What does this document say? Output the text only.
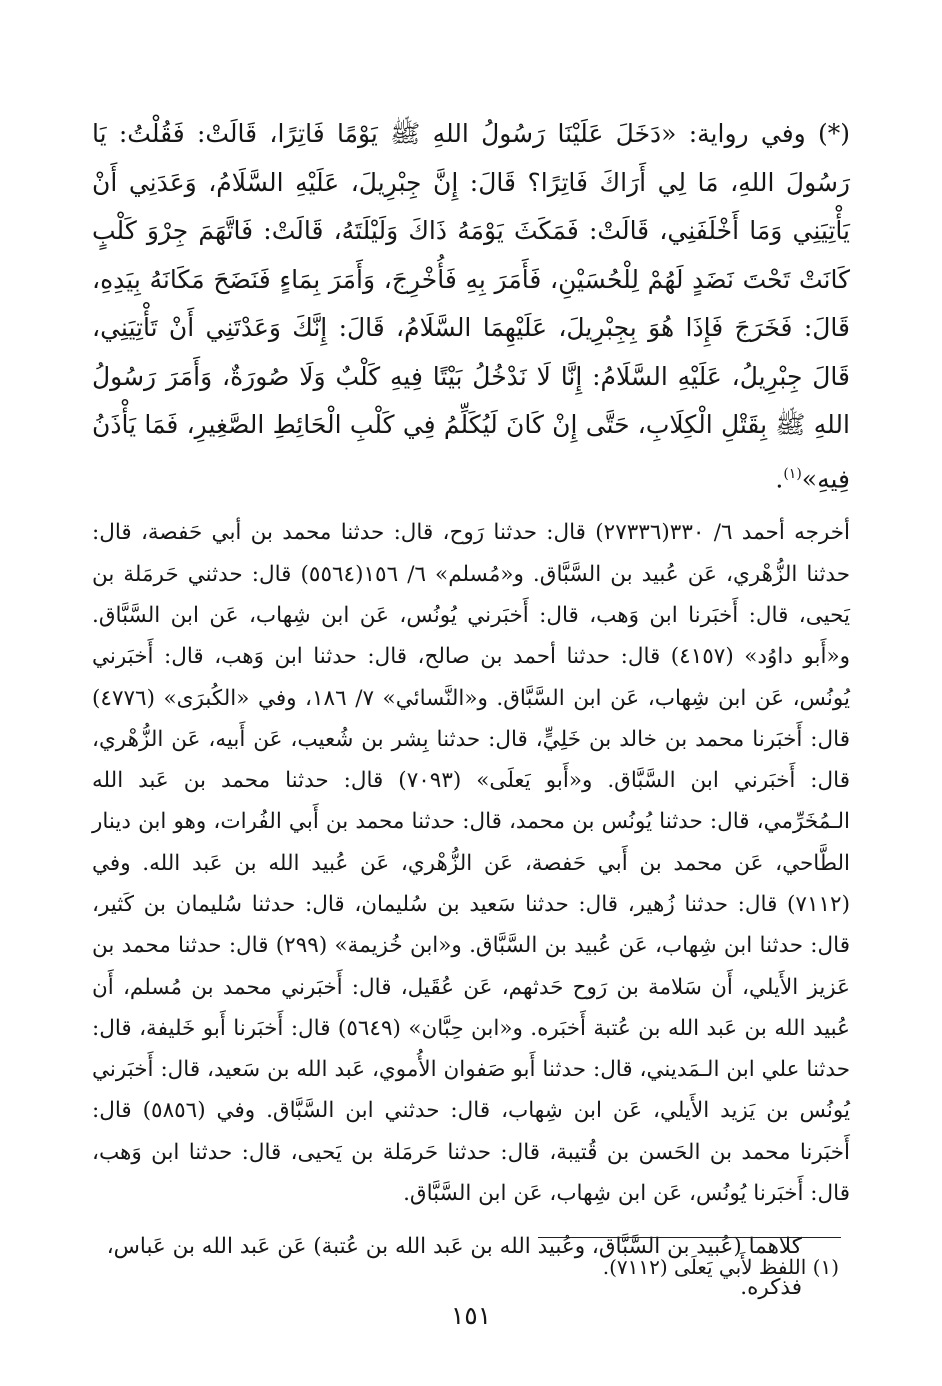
(*) وفي رواية: «دَخَلَ عَلَيْنَا رَسُولُ اللهِ ﷺ يَوْمًا فَاتِرًا، قَالَتْ: فَقُلْتُ: يَا رَسُولَ اللهِ، مَا لِي أَرَاكَ فَاتِرًا؟ قَالَ: إِنَّ جِبْرِيلَ، عَلَيْهِ السَّلَامُ، وَعَدَنِي أَنْ يَأْتِيَنِي وَمَا أَخْلَفَنِي، قَالَتْ: فَمَكَثَ يَوْمَهُ ذَاكَ وَلَيْلَتَهُ، قَالَتْ: فَاتَّهَمَ جِرْوَ كَلْبٍ كَانَتْ تَحْتَ نَضَدٍ لَهُمْ لِلْحُسَيْنِ، فَأَمَرَ بِهِ فَأُخْرِجَ، وَأَمَرَ بِمَاءٍ فَنَضَحَ مَكَانَهُ بِيَدِهِ، قَالَ: فَخَرَجَ فَإِذَا هُوَ بِجِبْرِيلَ، عَلَيْهِمَا السَّلَامُ، قَالَ: إِنَّكَ وَعَدْتَنِي أَنْ تَأْتِيَنِي، قَالَ جِبْرِيلُ، عَلَيْهِ السَّلَامُ: إِنَّا لَا نَدْخُلُ بَيْتًا فِيهِ كَلْبٌ وَلَا صُورَةٌ، وَأَمَرَ رَسُولُ اللهِ ﷺ بِقَتْلِ الْكِلَابِ، حَتَّى إِنْ كَانَ لَيُكَلِّمُ فِي كَلْبِ الْحَائِطِ الصَّغِيرِ، فَمَا يَأْذَنُ فِيهِ»$^{(١)}$.

أخرجه أحمد ٦/ ٣٣٠(٢٧٣٣٦) قال: حدثنا رَوح، قال: حدثنا محمد بن أبي حَفصة، قال: حدثنا الزُّهْري، عَن عُبيد بن السَّبَّاق. و«مُسلم» ٦/ ١٥٦(٥٥٦٤) قال: حدثني حَرمَلة بن يَحيى، قال: أَخبَرنا ابن وَهب، قال: أَخبَرني يُونُس، عَن ابن شِهاب، عَن ابن السَّبَّاق. و«أَبو داوُد» (٤١٥٧) قال: حدثنا أحمد بن صالح، قال: حدثنا ابن وَهب، قال: أَخبَرني يُونُس، عَن ابن شِهاب، عَن ابن السَّبَّاق. و«النَّسائي» ٧/ ١٨٦، وفي «الكُبرَى» (٤٧٧٦) قال: أَخبَرنا محمد بن خالد بن خَلِيٍّ، قال: حدثنا بِشر بن شُعيب، عَن أَبيه، عَن الزُّهْري، قال: أَخبَرني ابن السَّبَّاق. و«أَبو يَعلَى» (٧٠٩٣) قال: حدثنا محمد بن عَبد الله الـمُخَرِّمي، قال: حدثنا يُونُس بن محمد، قال: حدثنا محمد بن أَبي الفُرات، وهو ابن دينار الطَّاحي، عَن محمد بن أَبي حَفصة، عَن الزُّهْري، عَن عُبيد الله بن عَبد الله. وفي (٧١١٢) قال: حدثنا زُهير، قال: حدثنا سَعيد بن سُليمان، قال: حدثنا سُليمان بن كَثير، قال: حدثنا ابن شِهاب، عَن عُبيد بن السَّبَّاق. و«ابن خُزيمة» (٢٩٩) قال: حدثنا محمد بن عَزيز الأَيلي، أَن سَلامة بن رَوح حَدثهم، عَن عُقَيل، قال: أَخبَرني محمد بن مُسلم، أَن عُبيد الله بن عَبد الله بن عُتبة أَخبَره. و«ابن حِبَّان» (٥٦٤٩) قال: أَخبَرنا أَبو خَليفة، قال: حدثنا علي ابن الـمَديني، قال: حدثنا أَبو صَفوان الأُموي، عَبد الله بن سَعيد، قال: أَخبَرني يُونُس بن يَزيد الأَيلي، عَن ابن شِهاب، قال: حدثني ابن السَّبَّاق. وفي (٥٨٥٦) قال: أَخبَرنا محمد بن الحَسن بن قُتيبة، قال: حدثنا حَرمَلة بن يَحيى، قال: حدثنا ابن وَهب، قال: أَخبَرنا يُونُس، عَن ابن شِهاب، عَن ابن السَّبَّاق.

كلاهما (عُبيد بن السَّبَّاق، وعُبيد الله بن عَبد الله بن عُتبة) عَن عَبد الله بن عَباس، فذكره.

(١) اللفظ لأَبي يَعلَى (٧١١٢).

١٥١
